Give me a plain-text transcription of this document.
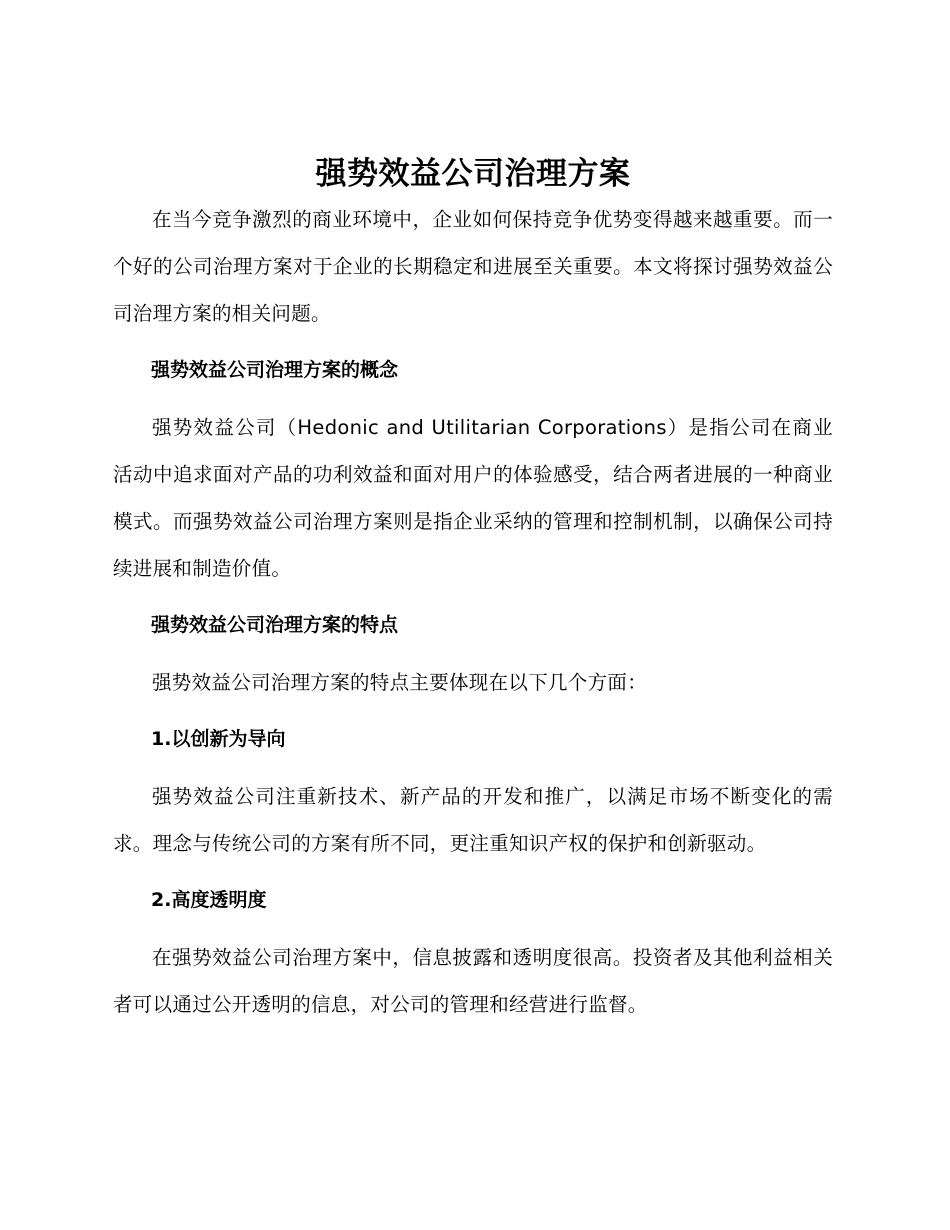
强势效益公司治理方案

在当今竞争激烈的商业环境中，企业如何保持竞争优势变得越来越重要。而一个好的公司治理方案对于企业的长期稳定和进展至关重要。本文将探讨强势效益公司治理方案的相关问题。

强势效益公司治理方案的概念

强势效益公司（Hedonic and Utilitarian Corporations）是指公司在商业活动中追求面对产品的功利效益和面对用户的体验感受，结合两者进展的一种商业模式。而强势效益公司治理方案则是指企业采纳的管理和控制机制，以确保公司持续进展和制造价值。

强势效益公司治理方案的特点

强势效益公司治理方案的特点主要体现在以下几个方面：

1.以创新为导向

强势效益公司注重新技术、新产品的开发和推广，以满足市场不断变化的需求。理念与传统公司的方案有所不同，更注重知识产权的保护和创新驱动。

2.高度透明度

在强势效益公司治理方案中，信息披露和透明度很高。投资者及其他利益相关者可以通过公开透明的信息，对公司的管理和经营进行监督。
